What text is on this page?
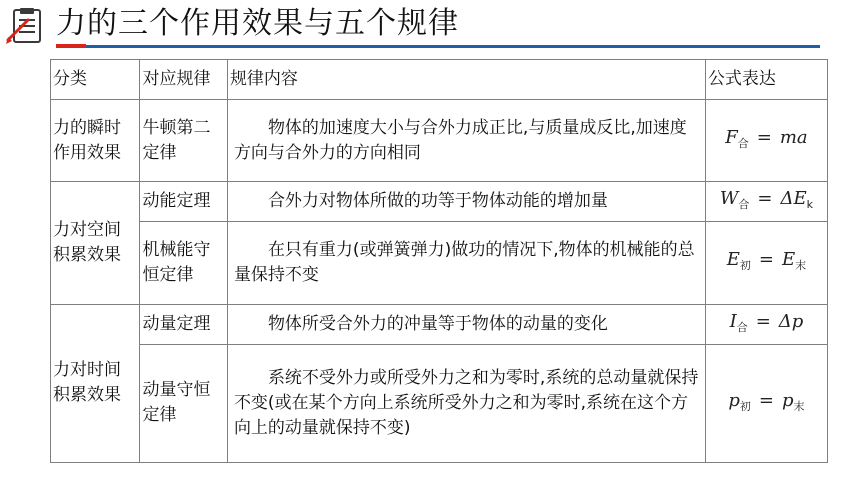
力的三个作用效果与五个规律
分类	对应规律	规律内容	公式表达
力的瞬时作用效果	牛顿第二定律	物体的加速度大小与合外力成正比,与质量成反比,加速度方向与合外力的方向相同	$F_合$ = ma
力对空间积累效果	动能定理	合外力对物体所做的功等于物体动能的增加量	$W_合 = \Delta E_k$
	机械能守恒定律	在只有重力(或弹簧弹力)做功的情况下,物体的机械能的总量保持不变	$E_初 = E_末$
力对时间积累效果	动量定理	物体所受合外力的冲量等于物体的动量的变化	$I_合 = \Delta p$
	动量守恒定律	系统不受外力或所受外力之和为零时,系统的总动量就保持不变(或在某个方向上系统所受外力之和为零时,系统在这个方向上的动量就保持不变)	$p_初 = p_末$
